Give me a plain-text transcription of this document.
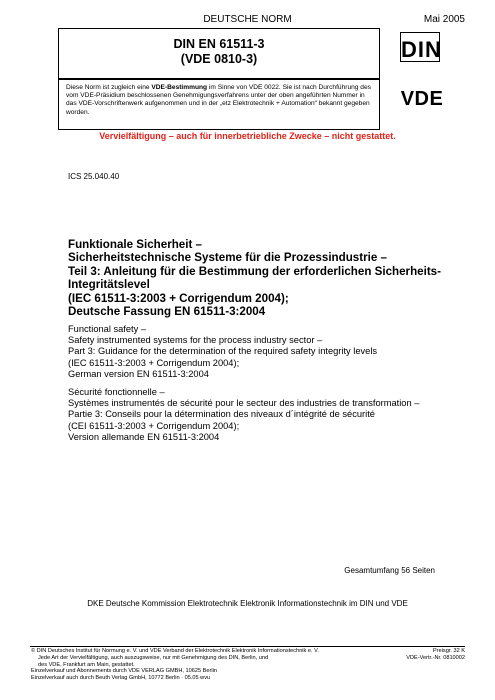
DEUTSCHE NORM	Mai 2005
DIN EN 61511-3
(VDE 0810-3)	DIN
Diese Norm ist zugleich eine VDE-Bestimmung im Sinne von VDE 0022. Sie ist nach Durchführung des vom VDE-Präsidium beschlossenen Genehmigungsverfahrens unter der oben angeführten Nummer in das VDE-Vorschriftenwerk aufgenommen und in der „etz Elektrotechnik + Automation“ bekannt gegeben worden.
VDE
Vervielfältigung – auch für innerbetriebliche Zwecke – nicht gestattet.
ICS 25.040.40
Funktionale Sicherheit –
Sicherheitstechnische Systeme für die Prozessindustrie –
Teil 3: Anleitung für die Bestimmung der erforderlichen Sicherheits-
Integritätslevel
(IEC 61511-3:2003 + Corrigendum 2004);
Deutsche Fassung EN 61511-3:2004
Functional safety –
Safety instrumented systems for the process industry sector –
Part 3: Guidance for the determination of the required safety integrity levels
(IEC 61511-3:2003 + Corrigendum 2004);
German version EN 61511-3:2004
Sécurité fonctionnelle –
Systèmes instrumentés de sécurité pour le secteur des industries de transformation –
Partie 3: Conseils pour la détermination des niveaux d´intégrité de sécurité
(CEI 61511-3:2003 + Corrigendum 2004);
Version allemande EN 61511-3:2004
Gesamtumfang 56 Seiten
DKE Deutsche Kommission Elektrotechnik Elektronik Informationstechnik im DIN und VDE
© DIN Deutsches Institut für Normung e. V. und VDE Verband der Elektrotechnik Elektronik Informationstechnik e. V.
Jede Art der Vervielfältigung, auch auszugsweise, nur mit Genehmigung des DIN, Berlin, und
des VDE, Frankfurt am Main, gestattet.
Einzelverkauf und Abonnements durch VDE VERLAG GMBH, 10625 Berlin
Einzelverkauf auch durch Beuth Verlag GmbH, 10772 Berlin · 05.05 wvu
Preisgr. 32 K
VDE-Vertr.-Nr. 0810002
